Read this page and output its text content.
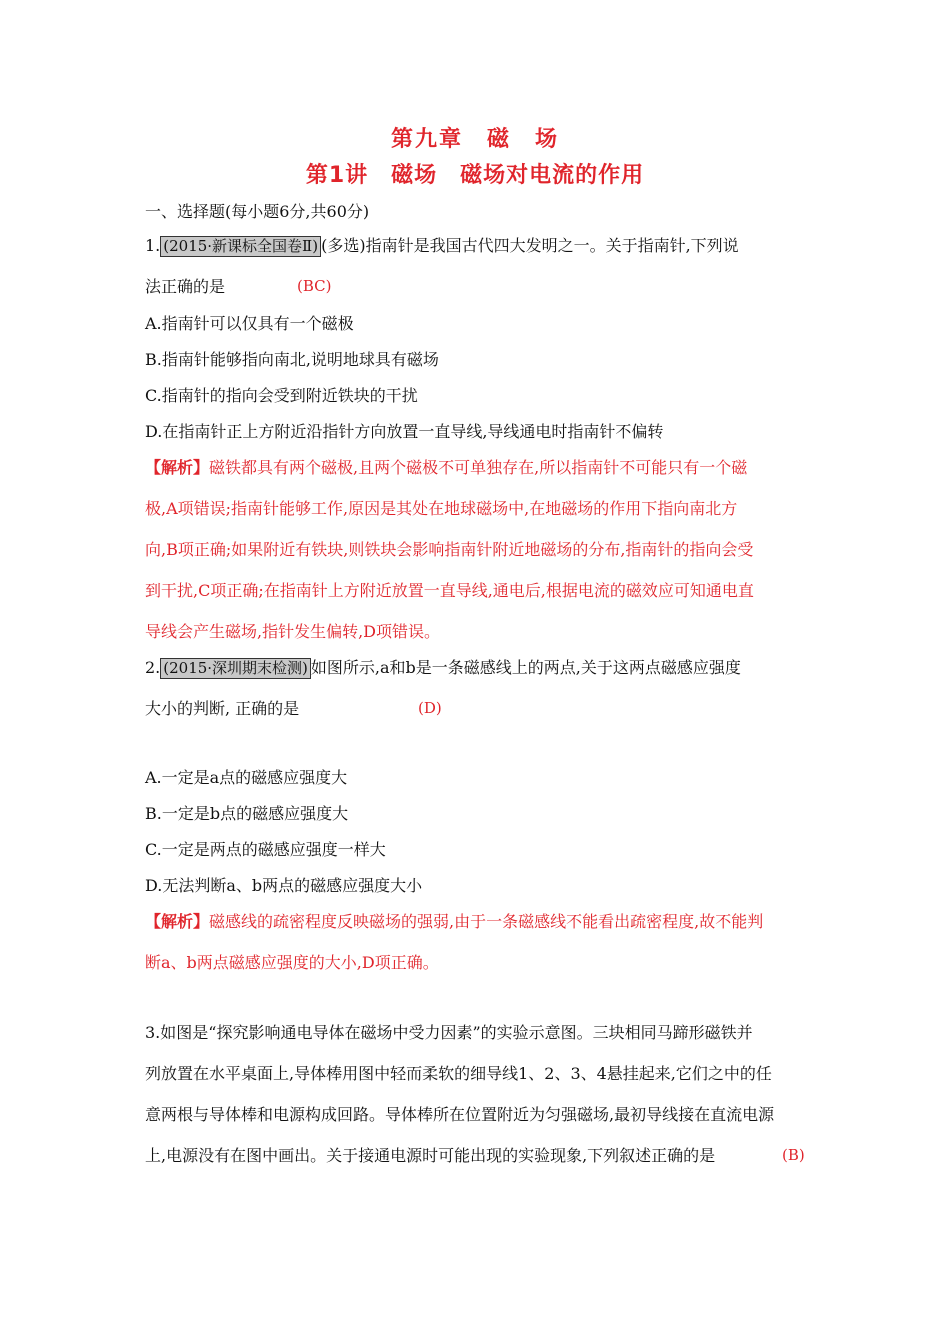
第九章　磁　场
第1讲　磁场　磁场对电流的作用
一、选择题(每小题6分,共60分)
1. (2015·新课标全国卷Ⅱ) (多选)指南针是我国古代四大发明之一。关于指南针,下列说
法正确的是	(BC)
A.指南针可以仅具有一个磁极
B.指南针能够指向南北,说明地球具有磁场
C.指南针的指向会受到附近铁块的干扰
D.在指南针正上方附近沿指针方向放置一直导线,导线通电时指南针不偏转
【解析】磁铁都具有两个磁极,且两个磁极不可单独存在,所以指南针不可能只有一个磁
极,A项错误;指南针能够工作,原因是其处在地球磁场中,在地磁场的作用下指向南北方
向,B项正确;如果附近有铁块,则铁块会影响指南针附近地磁场的分布,指南针的指向会受
到干扰,C项正确;在指南针上方附近放置一直导线,通电后,根据电流的磁效应可知通电直
导线会产生磁场,指针发生偏转,D项错误。
2. (2015·深圳期末检测) 如图所示,a和b是一条磁感线上的两点,关于这两点磁感应强度
大小的判断, 正确的是	(D)
A.一定是a点的磁感应强度大
B.一定是b点的磁感应强度大
C.一定是两点的磁感应强度一样大
D.无法判断a、b两点的磁感应强度大小
【解析】磁感线的疏密程度反映磁场的强弱,由于一条磁感线不能看出疏密程度,故不能判
断a、b两点磁感应强度的大小,D项正确。
3.如图是“探究影响通电导体在磁场中受力因素”的实验示意图。三块相同马蹄形磁铁并
列放置在水平桌面上,导体棒用图中轻而柔软的细导线1、2、3、4悬挂起来,它们之中的任
意两根与导体棒和电源构成回路。导体棒所在位置附近为匀强磁场,最初导线接在直流电源
上,电源没有在图中画出。关于接通电源时可能出现的实验现象,下列叙述正确的是	(B)
